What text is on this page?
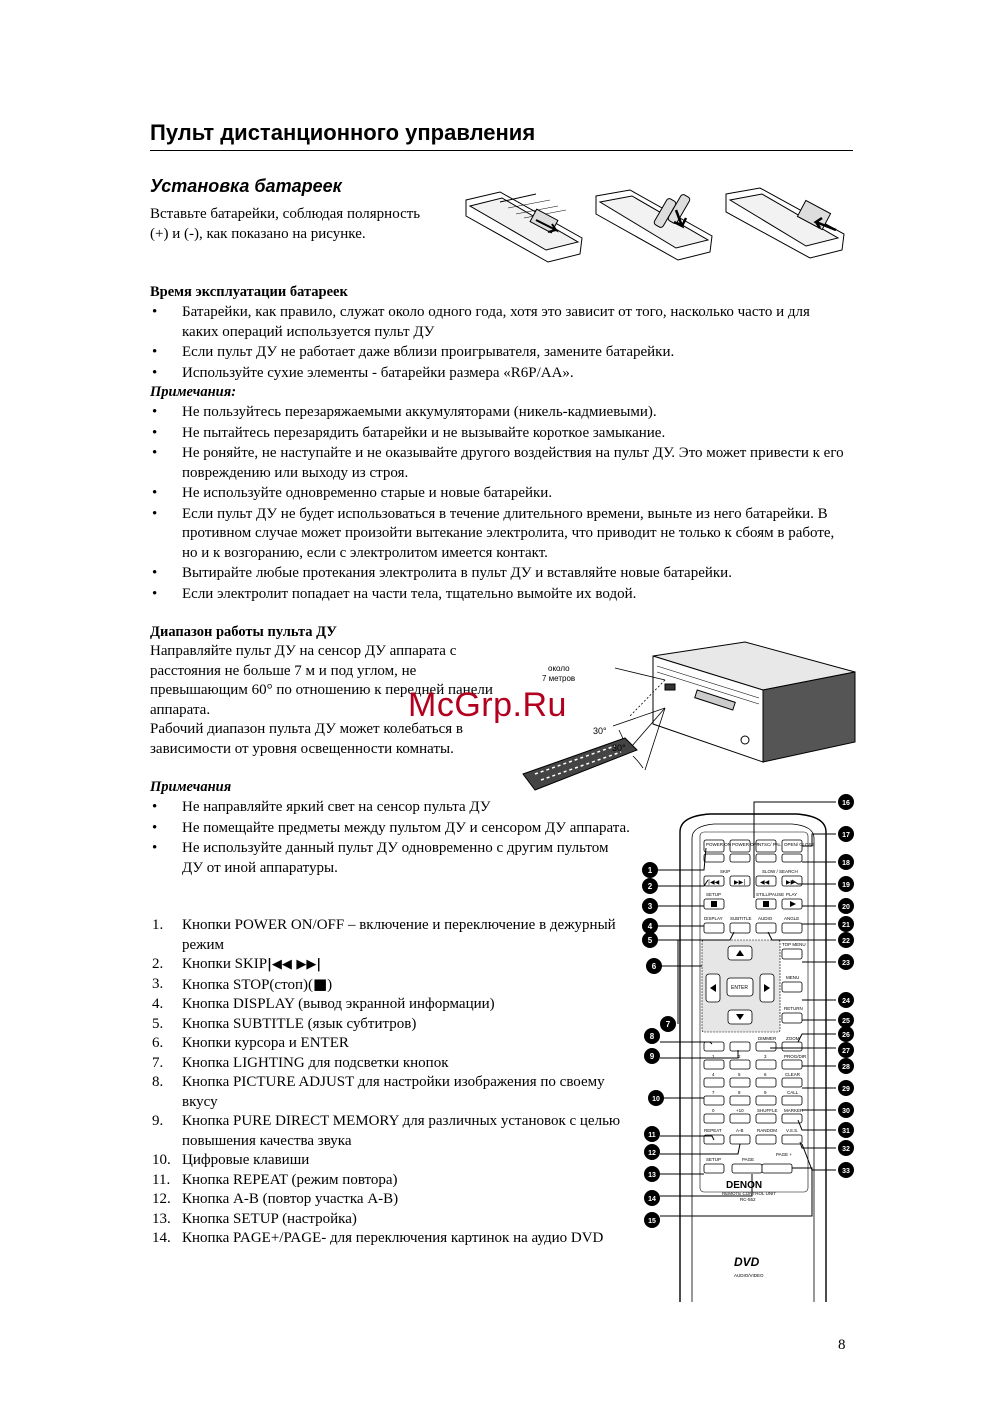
Пульт дистанционного управления
Установка батареек
Вставьте батарейки, соблюдая полярность (+) и (-), как показано на рисунке.
Время эксплуатации батареек
• Батарейки, как правило, служат около одного года, хотя это зависит от того, насколько часто и для каких операций используется пульт ДУ
• Если пульт ДУ не работает даже вблизи проигрывателя, замените батарейки.
• Используйте сухие элементы - батарейки размера «R6P/AA».
Примечания:
• Не пользуйтесь перезаряжаемыми аккумуляторами (никель-кадмиевыми).
• Не пытайтесь перезарядить батарейки и не вызывайте короткое замыкание.
• Не роняйте, не наступайте и не оказывайте другого воздействия на пульт ДУ. Это может привести к его повреждению или выходу из строя.
• Не используйте одновременно старые и новые батарейки.
• Если пульт ДУ не будет использоваться в течение длительного времени, выньте из него батарейки. В противном случае может произойти вытекание электролита, что приводит не только к сбоям в работе, но и к возгоранию, если с электролитом имеется контакт.
• Вытирайте любые протекания электролита в пульт ДУ и вставляйте новые батарейки.
• Если электролит попадает на части тела, тщательно вымойте их водой.
Диапазон работы пульта ДУ
Направляйте пульт ДУ на сенсор ДУ аппарата с расстояния не больше 7 м и под углом, не превышающим 60° по отношению к передней панели аппарата.
Рабочий диапазон пульта ДУ может колебаться в зависимости от уровня освещенности комнаты.
около
7 метров
30°
30°
McGrp.Ru
Примечания
• Не направляйте яркий свет на сенсор пульта ДУ
• Не помещайте предметы между пультом ДУ и сенсором ДУ аппарата.
• Не используйте данный пульт ДУ одновременно с другим пультом ДУ от иной аппаратуры.
1. Кнопки POWER ON/OFF – включение и переключение в дежурный режим
2. Кнопки SKIP|◀◀ ▶▶|
3. Кнопка STOP(стоп)(■)
4. Кнопка DISPLAY (вывод экранной информации)
5. Кнопка SUBTITLE (язык субтитров)
6. Кнопки курсора и ENTER
7. Кнопка LIGHTING для подсветки кнопок
8. Кнопка PICTURE ADJUST для настройки изображения по своему вкусу
9. Кнопка PURE DIRECT MEMORY для различных установок с целью повышения качества звука
10. Цифровые клавиши
11. Кнопка REPEAT (режим повтора)
12. Кнопка A-B (повтор участка A-B)
13. Кнопка SETUP (настройка)
14. Кнопка PAGE+/PAGE- для переключения картинок на аудио DVD
POWER ON POWER OFF
NTSC/ PAL OPEN/ CLOSE
SKIP	SLOW / SEARCH
|◀◀ ▶▶| ◀◀	▶▶
SETUP	STILL/PAUSE PLAY
DISPLAY SUBTITLE AUDIO	ANGLE
ENTER
TOP MENU
MENU
RETURN
DIMMER ZOOM
1	2	3	PROG/DIR
4	5	6	CLEAR
7	8	9	CALL
0	+10	SHUFFLE MARKER
REPEAT	A-B	RANDOM V.S.S.
SETUP	PAGE
PAGE +
DENON
REMOTE CONTROL UNIT
RC-552
DVD
AUDIO/VIDEO
1
2
3
4
5
6
7
8
9
10
11
12
13
14
15
16
17
18
19
20
21
22
23
24
25
26
27
28
29
30
31
32
33
8
